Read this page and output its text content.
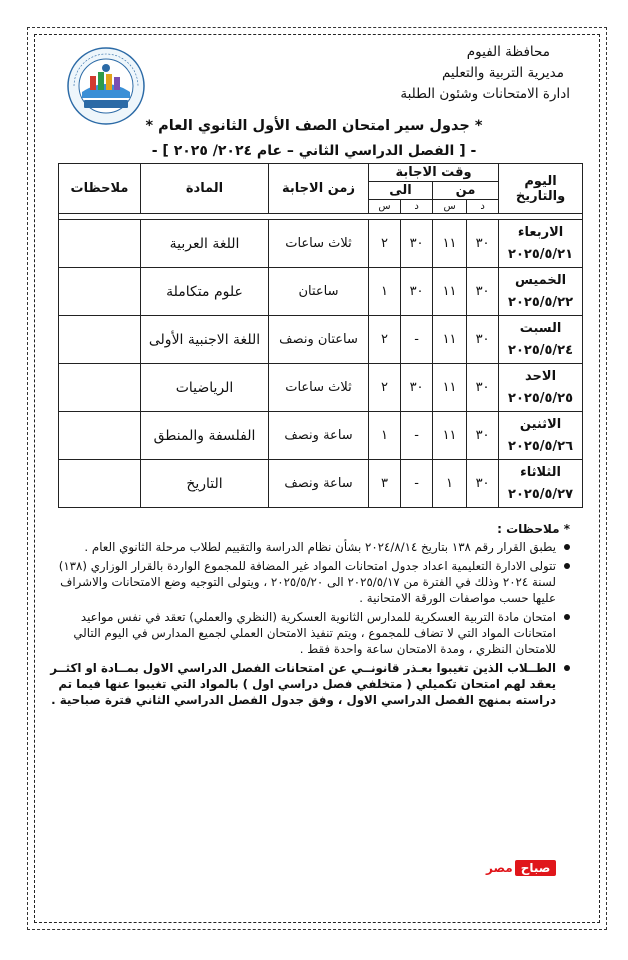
محافظة الفيوم
مديرية التربية والتعليم
ادارة الامتحانات وشئون الطلبة
* جدول سير امتحان الصف الأول الثانوي العام *
- [ الفصل الدراسي الثاني – عام ٢٠٢٤/ ٢٠٢٥ ] -
اليوم والتاريخ	وقت الاجابة				زمن الاجابة	المادة	ملاحظات
	من		الى				
	د	س	د	س			

الاربعاء
٢٠٢٥/٥/٢١	٣٠	١١	٣٠	٢	ثلاث ساعات	اللغة العربية	

الخميس
٢٠٢٥/٥/٢٢	٣٠	١١	٣٠	١	ساعتان	علوم متكاملة	

السبت
٢٠٢٥/٥/٢٤	٣٠	١١	-	٢	ساعتان ونصف	اللغة الاجنبية الأولى	

الاحد
٢٠٢٥/٥/٢٥	٣٠	١١	٣٠	٢	ثلاث ساعات	الرياضيات	

الاثنين
٢٠٢٥/٥/٢٦	٣٠	١١	-	١	ساعة ونصف	الفلسفة والمنطق	

الثلاثاء
٢٠٢٥/٥/٢٧	٣٠	١	-	٣	ساعة ونصف	التاريخ	
* ملاحظات :
يطبق القرار رقم ١٣٨ بتاريخ ٢٠٢٤/٨/١٤ بشأن نظام الدراسة والتقييم لطلاب مرحلة الثانوي العام .
تتولى الادارة التعليمية اعداد جدول امتحانات المواد غير المضافة للمجموع الواردة بالقرار الوزاري (١٣٨) لسنة ٢٠٢٤ وذلك في الفترة من ٢٠٢٥/٥/١٧ الى ٢٠٢٥/٥/٢٠ ، ويتولى التوجيه وضع الامتحانات والاشراف عليها حسب مواصفات الورقة الامتحانية .
امتحان مادة التربية العسكرية للمدارس الثانوية العسكرية (النظري والعملي) تعقد في نفس مواعيد امتحانات المواد التي لا تضاف للمجموع ، ويتم تنفيذ الامتحان العملي لجميع المدارس في اليوم التالي للامتحان النظري ، ومدة الامتحان ساعة واحدة فقط .
الطــلاب الذين تغيبوا بعـذر قانونــي عن امتحانات الفصل الدراسي الاول بمــادة او اكثــر يعقد لهم امتحان تكميلي ( متخلفي فصل دراسي اول ) بالمواد التي تغيبوا عنها فيما تم دراسته بمنهج الفصل الدراسي الاول ، وفق جدول الفصل الدراسي الثاني فترة صباحية .
صباح
مصر
